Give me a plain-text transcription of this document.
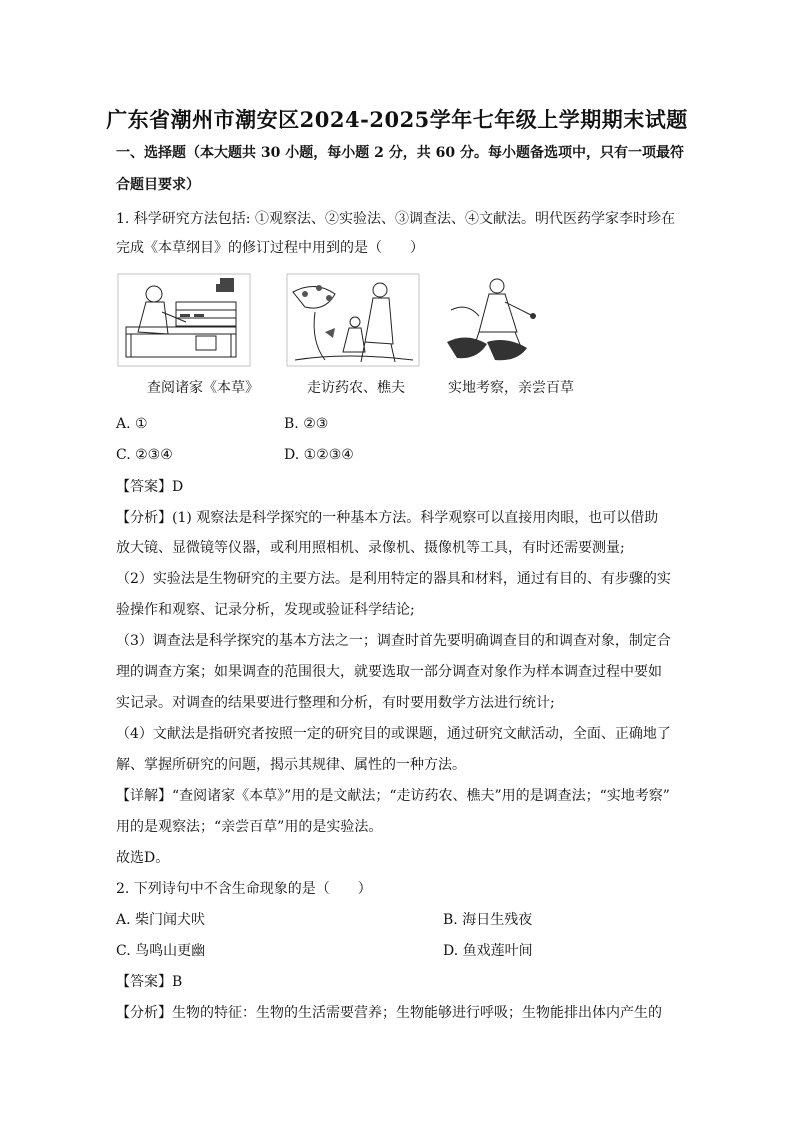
广东省潮州市潮安区2024-2025学年七年级上学期期末试题
一、选择题（本大题共 30 小题，每小题 2 分，共 60 分。每小题备选项中，只有一项最符
合题目要求）
1. 科学研究方法包括: ①观察法、②实验法、③调查法、④文献法。明代医药学家李时珍在
完成《本草纲目》的修订过程中用到的是（　　）
查阅诸家《本草》	走访药农、樵夫	实地考察，亲尝百草
A. ①	B. ②③
C. ②③④	D. ①②③④
【答案】D
【分析】(1) 观察法是科学探究的一种基本方法。科学观察可以直接用肉眼，也可以借助
放大镜、显微镜等仪器，或利用照相机、录像机、摄像机等工具，有时还需要测量;
（2）实验法是生物研究的主要方法。是利用特定的器具和材料，通过有目的、有步骤的实
验操作和观察、记录分析，发现或验证科学结论;
（3）调查法是科学探究的基本方法之一；调查时首先要明确调查目的和调查对象，制定合
理的调查方案；如果调查的范围很大，就要选取一部分调查对象作为样本调查过程中要如
实记录。对调查的结果要进行整理和分析，有时要用数学方法进行统计;
（4）文献法是指研究者按照一定的研究目的或课题，通过研究文献活动，全面、正确地了
解、掌握所研究的问题，揭示其规律、属性的一种方法。
【详解】“查阅诸家《本草》”用的是文献法；“走访药农、樵夫”用的是调查法；“实地考察”
用的是观察法；“亲尝百草”用的是实验法。
故选D。
2. 下列诗句中不含生命现象的是（　　）
A. 柴门闻犬吠	B. 海日生残夜
C. 鸟鸣山更幽	D. 鱼戏莲叶间
【答案】B
【分析】生物的特征：生物的生活需要营养；生物能够进行呼吸；生物能排出体内产生的
